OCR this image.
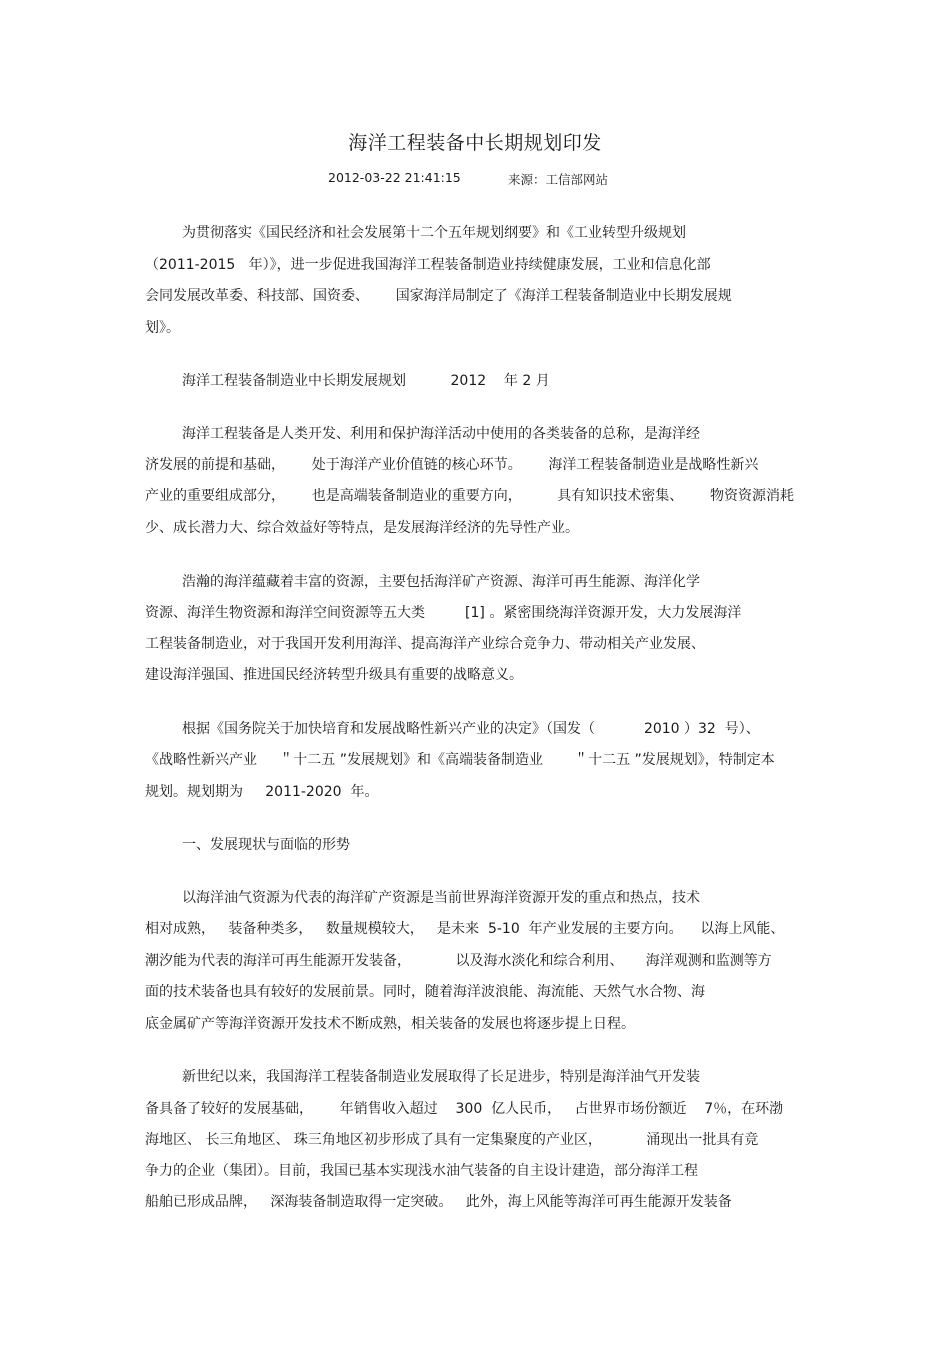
海洋工程装备中长期规划印发
2012-03-22 21:41:15	来源：工信部网站
为贯彻落实《国民经济和社会发展第十二个五年规划纲要》和《工业转型升级规划
（2011-2015   年）》，进一步促进我国海洋工程装备制造业持续健康发展，工业和信息化部
会同发展改革委、科技部、国资委、      国家海洋局制定了《海洋工程装备制造业中长期发展规
划》。
海洋工程装备制造业中长期发展规划          2012    年 2 月
海洋工程装备是人类开发、利用和保护海洋活动中使用的各类装备的总称，是海洋经
济发展的前提和基础，      处于海洋产业价值链的核心环节。      海洋工程装备制造业是战略性新兴
产业的重要组成部分，      也是高端装备制造业的重要方向，        具有知识技术密集、      物资资源消耗
少、成长潜力大、综合效益好等特点，是发展海洋经济的先导性产业。
浩瀚的海洋蕴藏着丰富的资源，主要包括海洋矿产资源、海洋可再生能源、海洋化学
资源、海洋生物资源和海洋空间资源等五大类         [1] 。紧密围绕海洋资源开发，大力发展海洋
工程装备制造业，对于我国开发利用海洋、提高海洋产业综合竞争力、带动相关产业发展、
建设海洋强国、推进国民经济转型升级具有重要的战略意义。
根据《国务院关于加快培育和发展战略性新兴产业的决定》（国发（           2010 ）32  号）、
《战略性新兴产业     ＂十二五 ”发展规划》和《高端装备制造业       ＂十二五 ”发展规划》，特制定本
规划。规划期为     2011-2020  年。
一、发展现状与面临的形势
以海洋油气资源为代表的海洋矿产资源是当前世界海洋资源开发的重点和热点，技术
相对成熟，   装备种类多，   数量规模较大，   是未来  5-10  年产业发展的主要方向。    以海上风能、
潮汐能为代表的海洋可再生能源开发装备，          以及海水淡化和综合利用、     海洋观测和监测等方
面的技术装备也具有较好的发展前景。同时，随着海洋波浪能、海流能、天然气水合物、海
底金属矿产等海洋资源开发技术不断成熟，相关装备的发展也将逐步提上日程。
新世纪以来，我国海洋工程装备制造业发展取得了长足进步，特别是海洋油气开发装
备具备了较好的发展基础，      年销售收入超过    300  亿人民币，   占世界市场份额近    7％，在环渤
海地区、 长三角地区、 珠三角地区初步形成了具有一定集聚度的产业区，          涌现出一批具有竞
争力的企业（集团）。目前，我国已基本实现浅水油气装备的自主设计建造，部分海洋工程
船舶已形成品牌，   深海装备制造取得一定突破。   此外，海上风能等海洋可再生能源开发装备
